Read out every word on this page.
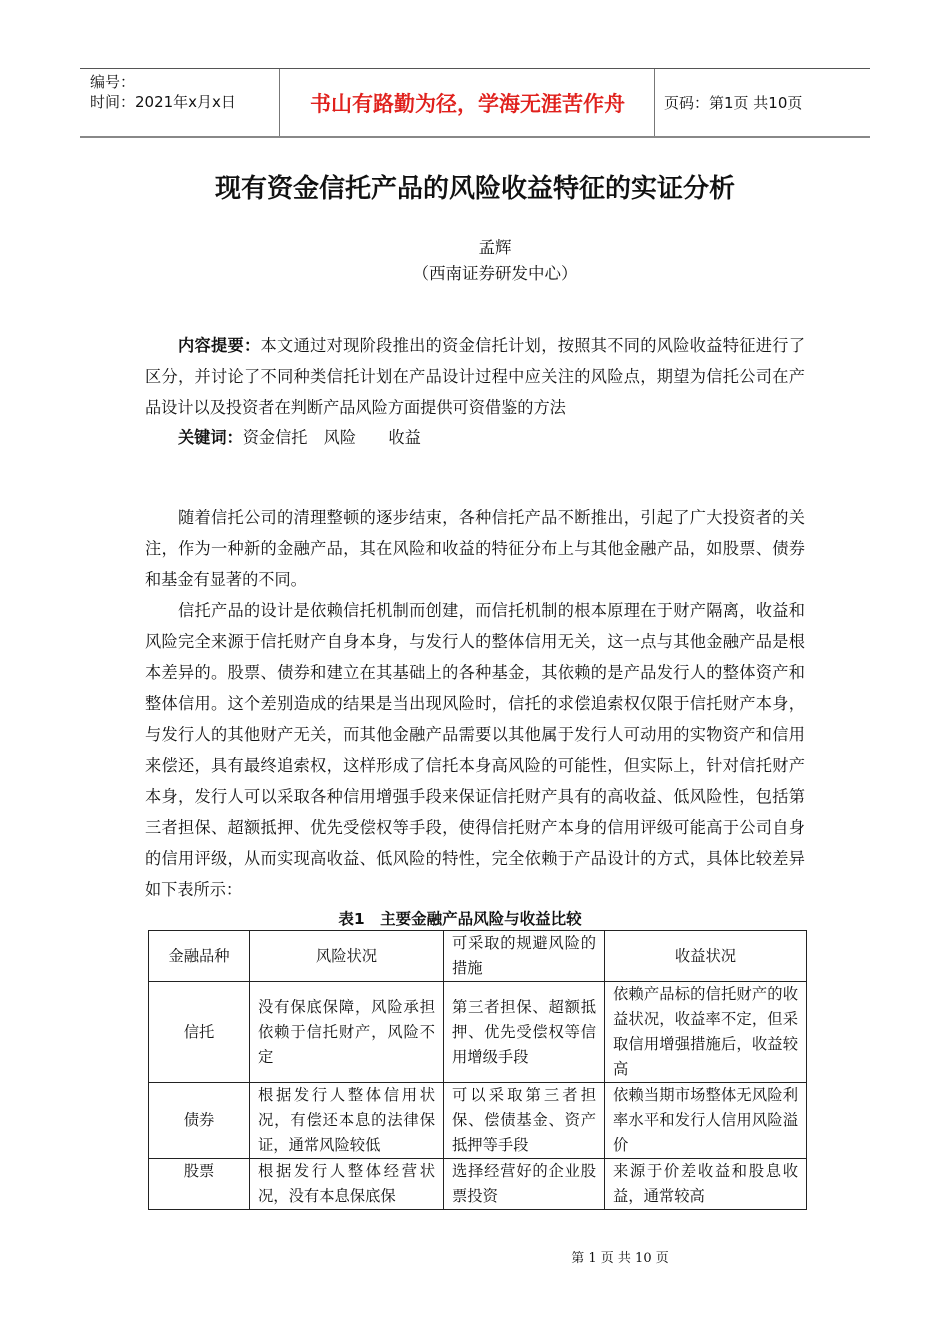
编号：
时间：2021年x月x日	书山有路勤为径，学海无涯苦作舟	页码：第1页 共10页
现有资金信托产品的风险收益特征的实证分析
孟辉
（西南证券研发中心）
内容提要：本文通过对现阶段推出的资金信托计划，按照其不同的风险收益特征进行了区分，并讨论了不同种类信托计划在产品设计过程中应关注的风险点，期望为信托公司在产品设计以及投资者在判断产品风险方面提供可资借鉴的方法
关键词：资金信托　风险　　收益
随着信托公司的清理整顿的逐步结束，各种信托产品不断推出，引起了广大投资者的关注，作为一种新的金融产品，其在风险和收益的特征分布上与其他金融产品，如股票、债券和基金有显著的不同。
信托产品的设计是依赖信托机制而创建，而信托机制的根本原理在于财产隔离，收益和风险完全来源于信托财产自身本身，与发行人的整体信用无关，这一点与其他金融产品是根本差异的。股票、债券和建立在其基础上的各种基金，其依赖的是产品发行人的整体资产和整体信用。这个差别造成的结果是当出现风险时，信托的求偿追索权仅限于信托财产本身，与发行人的其他财产无关，而其他金融产品需要以其他属于发行人可动用的实物资产和信用来偿还，具有最终追索权，这样形成了信托本身高风险的可能性，但实际上，针对信托财产本身，发行人可以采取各种信用增强手段来保证信托财产具有的高收益、低风险性，包括第三者担保、超额抵押、优先受偿权等手段，使得信托财产本身的信用评级可能高于公司自身的信用评级，从而实现高收益、低风险的特性，完全依赖于产品设计的方式，具体比较差异如下表所示：
表1　主要金融产品风险与收益比较
金融品种	风险状况	可采取的规避风险的措施	收益状况
信托	没有保底保障，风险承担依赖于信托财产，风险不定	第三者担保、超额抵押、优先受偿权等信用增级手段	依赖产品标的信托财产的收益状况，收益率不定，但采取信用增强措施后，收益较高
债券	根据发行人整体信用状况，有偿还本息的法律保证，通常风险较低	可以采取第三者担保、偿债基金、资产抵押等手段	依赖当期市场整体无风险利率水平和发行人信用风险溢价
股票	根据发行人整体经营状况，没有本息保底保	选择经营好的企业股票投资	来源于价差收益和股息收益，通常较高
第 1 页 共 10 页
